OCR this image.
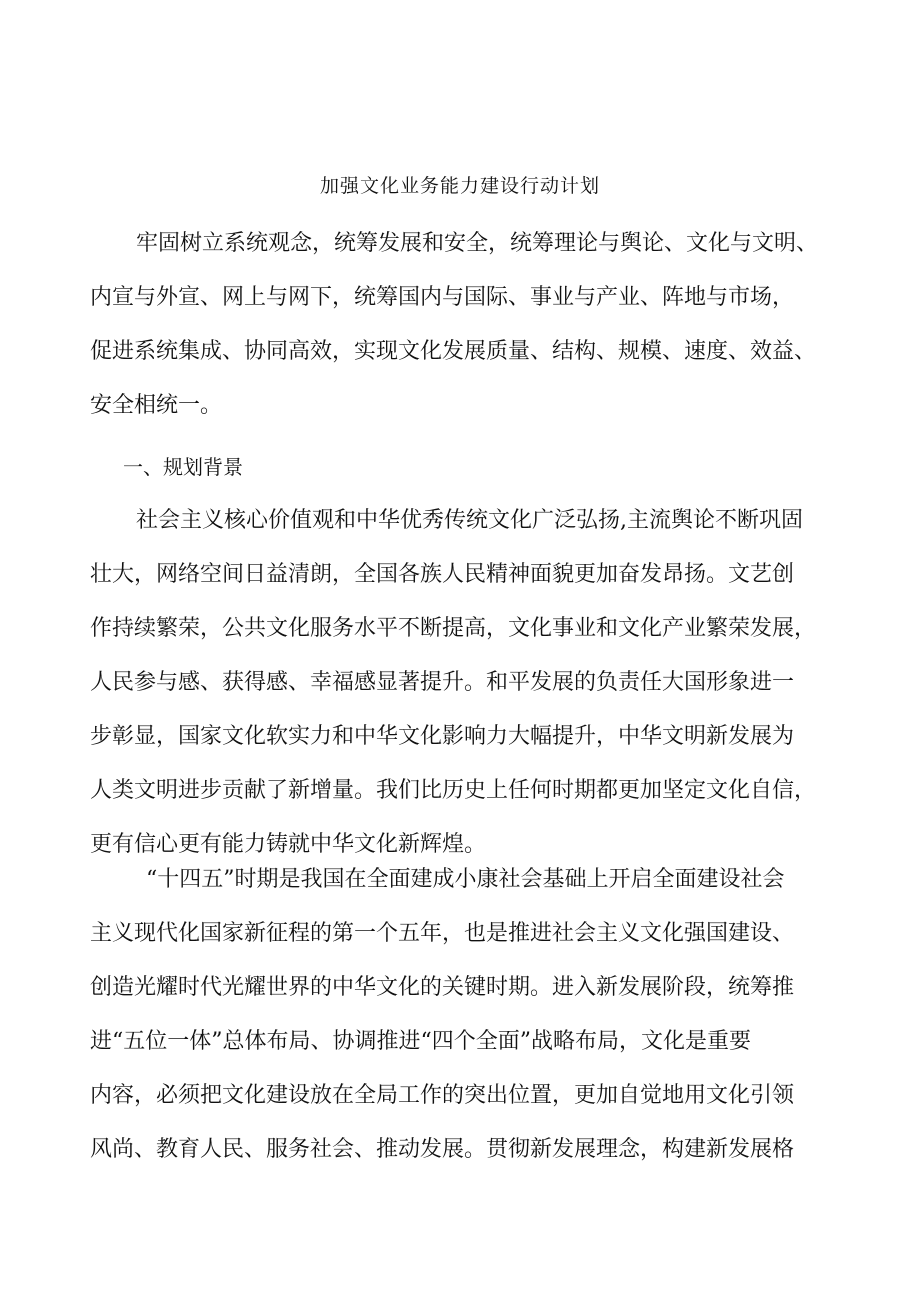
加强文化业务能力建设行动计划
牢固树立系统观念，统筹发展和安全，统筹理论与舆论、文化与文明、
内宣与外宣、网上与网下，统筹国内与国际、事业与产业、阵地与市场，
促进系统集成、协同高效，实现文化发展质量、结构、规模、速度、效益、
安全相统一。
一、规划背景
社会主义核心价值观和中华优秀传统文化广泛弘扬,主流舆论不断巩固
壮大，网络空间日益清朗，全国各族人民精神面貌更加奋发昂扬。文艺创
作持续繁荣，公共文化服务水平不断提高，文化事业和文化产业繁荣发展，
人民参与感、获得感、幸福感显著提升。和平发展的负责任大国形象进一
步彰显，国家文化软实力和中华文化影响力大幅提升，中华文明新发展为
人类文明进步贡献了新增量。我们比历史上任何时期都更加坚定文化自信，
更有信心更有能力铸就中华文化新辉煌。
“十四五”时期是我国在全面建成小康社会基础上开启全面建设社会
主义现代化国家新征程的第一个五年，也是推进社会主义文化强国建设、
创造光耀时代光耀世界的中华文化的关键时期。进入新发展阶段，统筹推
进“五位一体”总体布局、协调推进“四个全面”战略布局，文化是重要
内容，必须把文化建设放在全局工作的突出位置，更加自觉地用文化引领
风尚、教育人民、服务社会、推动发展。贯彻新发展理念，构建新发展格
